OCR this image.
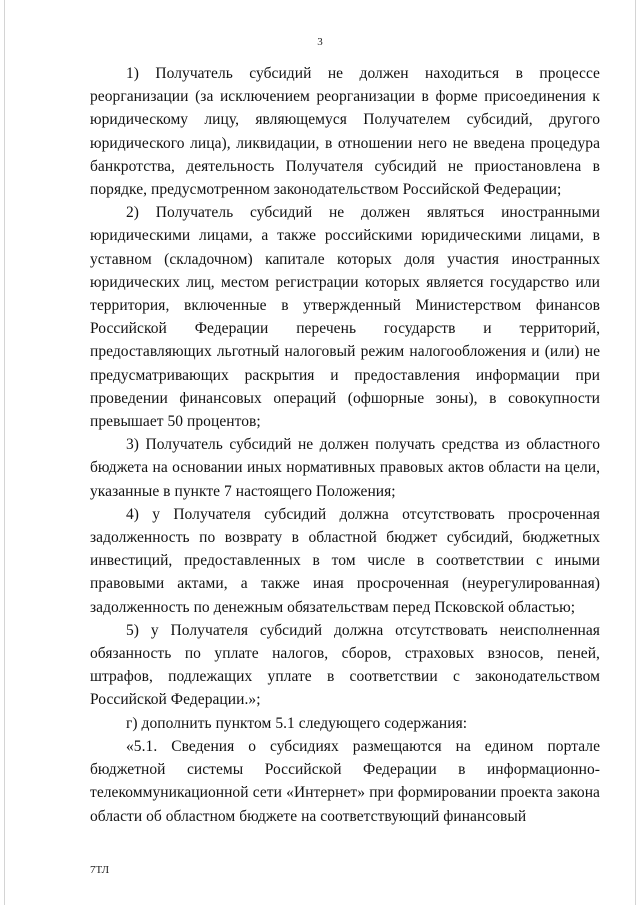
3

1) Получатель субсидий не должен находиться в процессе реорганизации (за исключением реорганизации в форме присоединения к юридическому лицу, являющемуся Получателем субсидий, другого юридического лица), ликвидации, в отношении него не введена процедура банкротства, деятельность Получателя субсидий не приостановлена в порядке, предусмотренном законодательством Российской Федерации;

2) Получатель субсидий не должен являться иностранными юридическими лицами, а также российскими юридическими лицами, в уставном (складочном) капитале которых доля участия иностранных юридических лиц, местом регистрации которых является государство или территория, включенные в утвержденный Министерством финансов Российской Федерации перечень государств и территорий, предоставляющих льготный налоговый режим налогообложения и (или) не предусматривающих раскрытия и предоставления информации при проведении финансовых операций (офшорные зоны), в совокупности превышает 50 процентов;

3) Получатель субсидий не должен получать средства из областного бюджета на основании иных нормативных правовых актов области на цели, указанные в пункте 7 настоящего Положения;

4) у Получателя субсидий должна отсутствовать просроченная задолженность по возврату в областной бюджет субсидий, бюджетных инвестиций, предоставленных в том числе в соответствии с иными правовыми актами, а также иная просроченная (неурегулированная) задолженность по денежным обязательствам перед Псковской областью;

5) у Получателя субсидий должна отсутствовать неисполненная обязанность по уплате налогов, сборов, страховых взносов, пеней, штрафов, подлежащих уплате в соответствии с законодательством Российской Федерации.»;

г) дополнить пунктом 5.1 следующего содержания:

«5.1. Сведения о субсидиях размещаются на едином портале бюджетной системы Российской Федерации в информационно-телекоммуникационной сети «Интернет» при формировании проекта закона области об областном бюджете на соответствующий финансовый

7ТЛ
